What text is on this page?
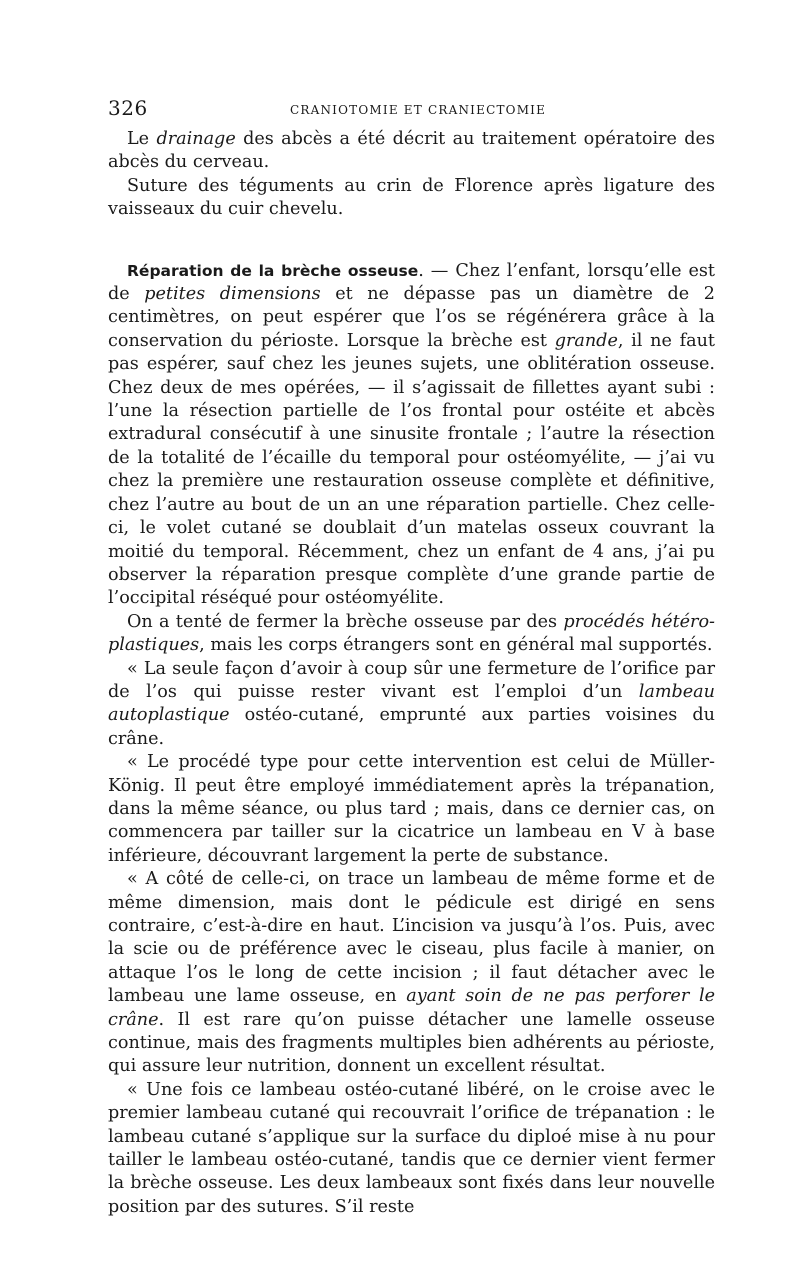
326	CRANIOTOMIE ET CRANIECTOMIE

Le drainage des abcès a été décrit au traitement opératoire des abcès du cerveau.

Suture des téguments au crin de Florence après ligature des vaisseaux du cuir chevelu.

Réparation de la brèche osseuse. — Chez l’enfant, lorsqu’elle est de petites dimensions et ne dépasse pas un diamètre de 2 centimètres, on peut espérer que l’os se régénérera grâce à la conservation du périoste. Lorsque la brèche est grande, il ne faut pas espérer, sauf chez les jeunes sujets, une oblitération osseuse. Chez deux de mes opérées, — il s’agissait de fillettes ayant subi : l’une la résection partielle de l’os frontal pour ostéite et abcès extradural consécutif à une sinusite frontale ; l’autre la résection de la totalité de l’écaille du temporal pour ostéomyélite, — j’ai vu chez la première une restauration osseuse complète et définitive, chez l’autre au bout de un an une réparation partielle. Chez celle-ci, le volet cutané se doublait d’un matelas osseux couvrant la moitié du temporal. Récemment, chez un enfant de 4 ans, j’ai pu observer la réparation presque complète d’une grande partie de l’occipital réséqué pour ostéomyélite.

On a tenté de fermer la brèche osseuse par des procédés hétéro-plastiques, mais les corps étrangers sont en général mal supportés.

« La seule façon d’avoir à coup sûr une fermeture de l’orifice par de l’os qui puisse rester vivant est l’emploi d’un lambeau autoplastique ostéo-cutané, emprunté aux parties voisines du crâne.

« Le procédé type pour cette intervention est celui de Müller-König. Il peut être employé immédiatement après la trépanation, dans la même séance, ou plus tard ; mais, dans ce dernier cas, on commencera par tailler sur la cicatrice un lambeau en V à base inférieure, découvrant largement la perte de substance.

« A côté de celle-ci, on trace un lambeau de même forme et de même dimension, mais dont le pédicule est dirigé en sens contraire, c’est-à-dire en haut. L’incision va jusqu’à l’os. Puis, avec la scie ou de préférence avec le ciseau, plus facile à manier, on attaque l’os le long de cette incision ; il faut détacher avec le lambeau une lame osseuse, en ayant soin de ne pas perforer le crâne. Il est rare qu’on puisse détacher une lamelle osseuse continue, mais des fragments multiples bien adhérents au périoste, qui assure leur nutrition, donnent un excellent résultat.

« Une fois ce lambeau ostéo-cutané libéré, on le croise avec le premier lambeau cutané qui recouvrait l’orifice de trépanation : le lambeau cutané s’applique sur la surface du diploé mise à nu pour tailler le lambeau ostéo-cutané, tandis que ce dernier vient fermer la brèche osseuse. Les deux lambeaux sont fixés dans leur nouvelle position par des sutures. S’il reste
